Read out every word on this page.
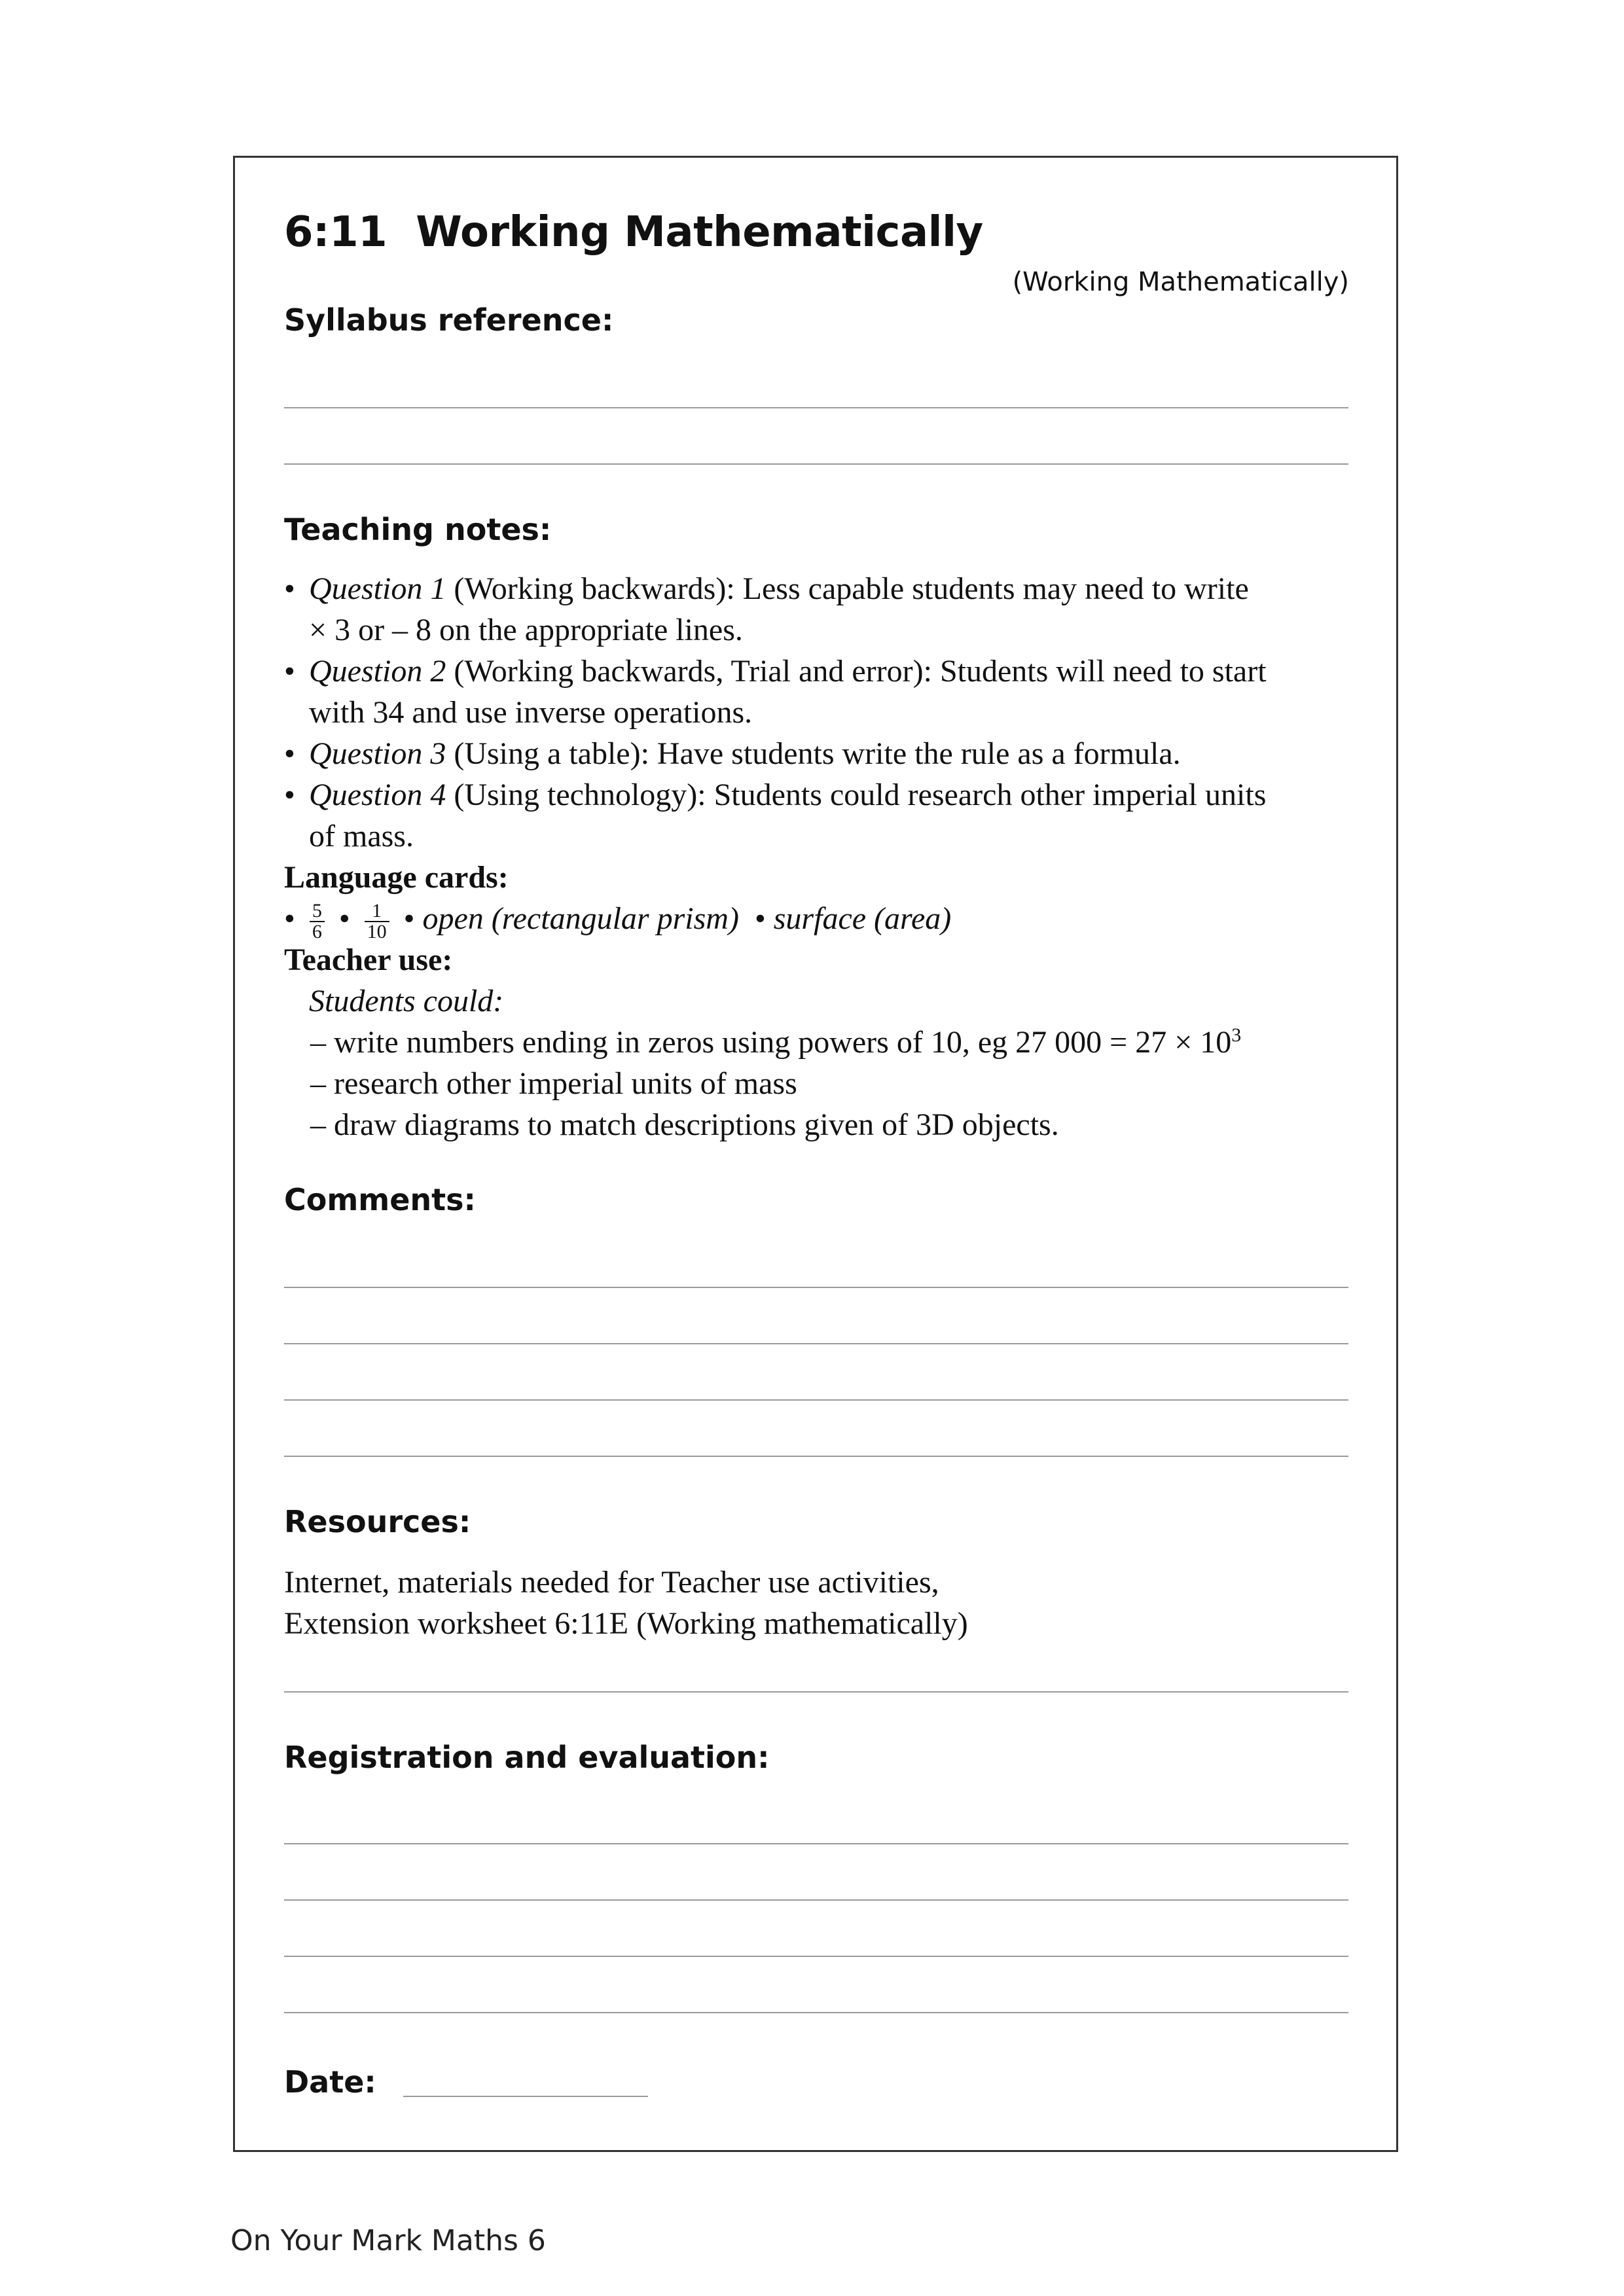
6:11 Working Mathematically
(Working Mathematically)
Syllabus reference:
Teaching notes:
• Question 1 (Working backwards): Less capable students may need to write
× 3 or – 8 on the appropriate lines.
• Question 2 (Working backwards, Trial and error): Students will need to start
with 34 and use inverse operations.
• Question 3 (Using a table): Have students write the rule as a formula.
• Question 4 (Using technology): Students could research other imperial units
of mass.
Language cards:
• $\frac{5}{6}$ • $\frac{1}{10}$ • open (rectangular prism) • surface (area)
Teacher use:
Students could:
– write numbers ending in zeros using powers of 10, eg 27 $000 = 27 \times 10^3$
– research other imperial units of mass
– draw diagrams to match descriptions given of 3D objects.
Comments:
Resources:
Internet, materials needed for Teacher use activities,
Extension worksheet 6:11E (Working mathematically)
Registration and evaluation:
Date:
On Your Mark Maths 6
